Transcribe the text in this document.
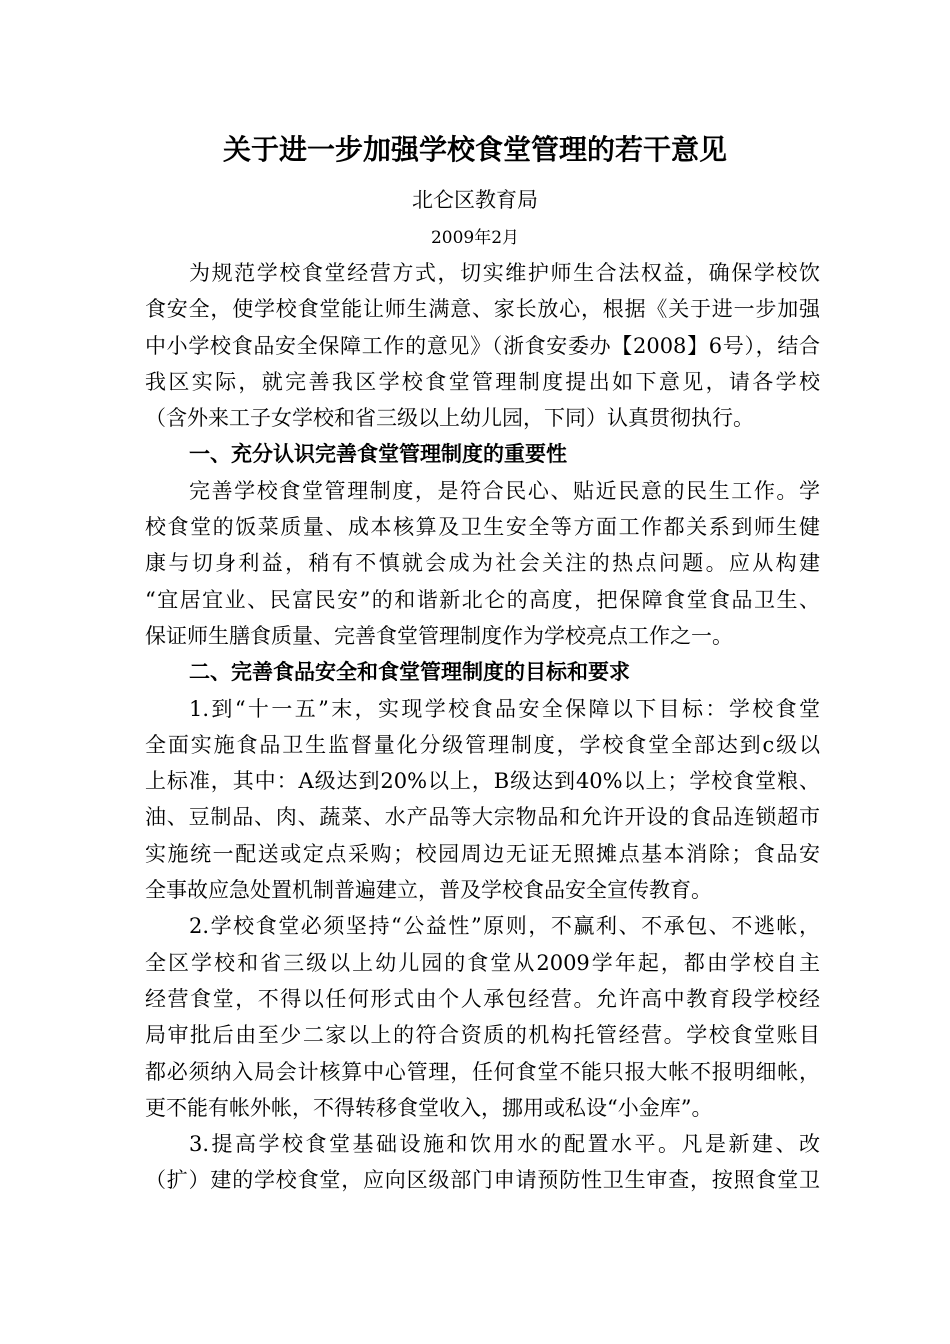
关于进一步加强学校食堂管理的若干意见
北仑区教育局
2009年2月
为规范学校食堂经营方式，切实维护师生合法权益，确保学校饮
食安全，使学校食堂能让师生满意、家长放心，根据《关于进一步加强
中小学校食品安全保障工作的意见》（浙食安委办【2008】6号），结合
我区实际，就完善我区学校食堂管理制度提出如下意见，请各学校
（含外来工子女学校和省三级以上幼儿园，下同）认真贯彻执行。
一、充分认识完善食堂管理制度的重要性
完善学校食堂管理制度，是符合民心、贴近民意的民生工作。学
校食堂的饭菜质量、成本核算及卫生安全等方面工作都关系到师生健
康与切身利益，稍有不慎就会成为社会关注的热点问题。应从构建
“宜居宜业、民富民安”的和谐新北仑的高度，把保障食堂食品卫生、
保证师生膳食质量、完善食堂管理制度作为学校亮点工作之一。
二、完善食品安全和食堂管理制度的目标和要求
1.到“十一五”末，实现学校食品安全保障以下目标：学校食堂
全面实施食品卫生监督量化分级管理制度，学校食堂全部达到c级以
上标准，其中：A级达到20%以上，B级达到40%以上；学校食堂粮、
油、豆制品、肉、蔬菜、水产品等大宗物品和允许开设的食品连锁超市
实施统一配送或定点采购；校园周边无证无照摊点基本消除；食品安
全事故应急处置机制普遍建立，普及学校食品安全宣传教育。
2.学校食堂必须坚持“公益性”原则，不赢利、不承包、不逃帐，
全区学校和省三级以上幼儿园的食堂从2009学年起，都由学校自主
经营食堂，不得以任何形式由个人承包经营。允许高中教育段学校经
局审批后由至少二家以上的符合资质的机构托管经营。学校食堂账目
都必须纳入局会计核算中心管理，任何食堂不能只报大帐不报明细帐，
更不能有帐外帐，不得转移食堂收入，挪用或私设“小金库”。
3.提高学校食堂基础设施和饮用水的配置水平。凡是新建、改
（扩）建的学校食堂，应向区级部门申请预防性卫生审查，按照食堂卫
